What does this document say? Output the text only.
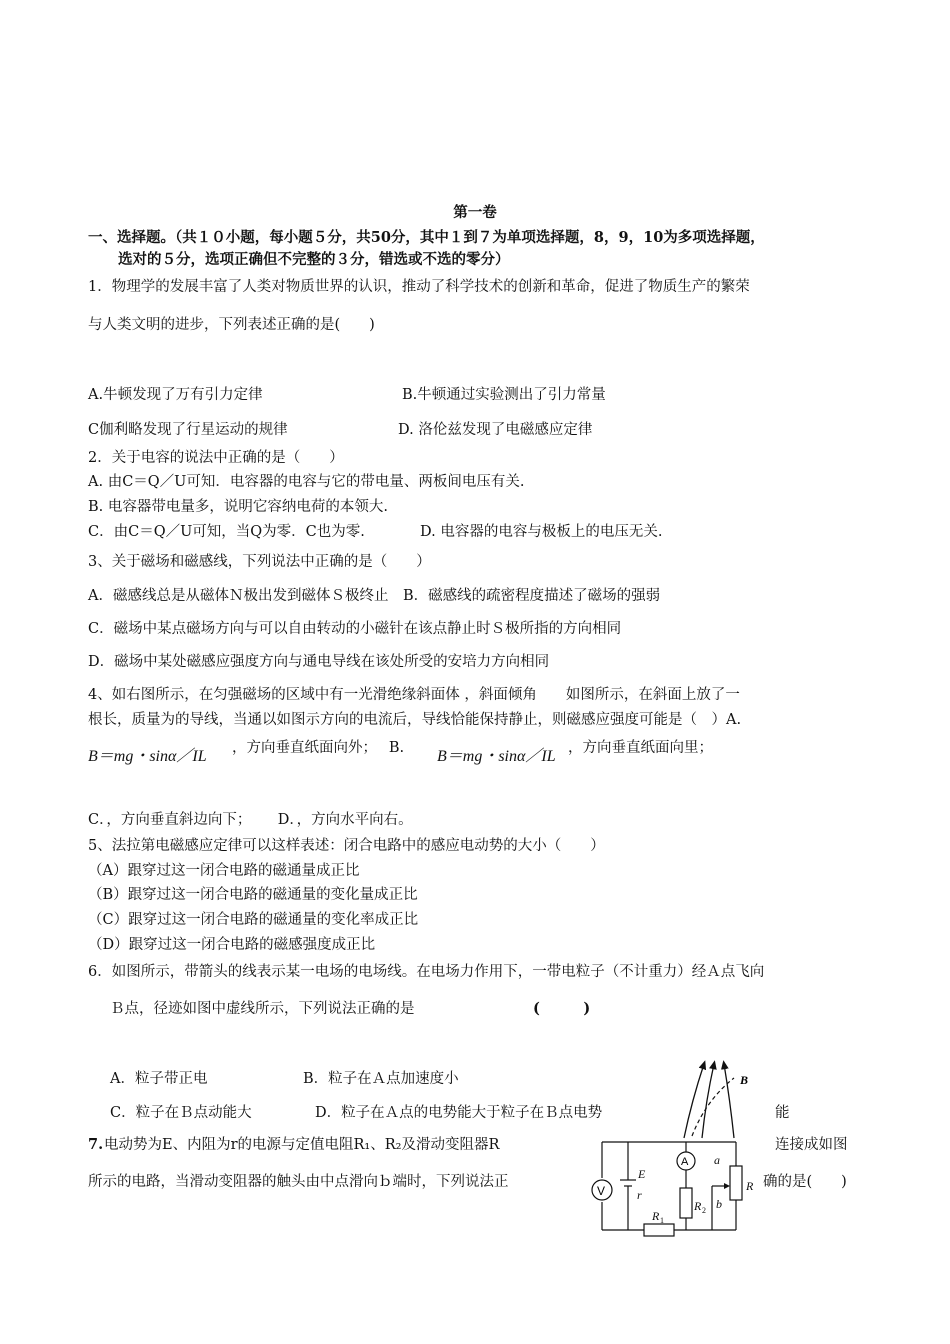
第一卷
一、选择题。（共１０小题，每小题５分，共50分，其中１到７为单项选择题，8，9，10为多项选择题，
选对的５分，选项正确但不完整的３分，错选或不选的零分）
1．物理学的发展丰富了人类对物质世界的认识，推动了科学技术的创新和革命，促进了物质生产的繁荣
与人类文明的进步，下列表述正确的是(　　)
A.牛顿发现了万有引力定律	B.牛顿通过实验测出了引力常量
C伽利略发现了行星运动的规律	D. 洛伦兹发现了电磁感应定律
2．关于电容的说法中正确的是（　　）
A. 由C＝Q／U可知．电容器的电容与它的带电量、两板间电压有关.
B. 电容器带电量多，说明它容纳电荷的本领大.
C．由C＝Q／U可知，当Q为零．C也为零.	D. 电容器的电容与极板上的电压无关.
3、关于磁场和磁感线，下列说法中正确的是（　　）
A．磁感线总是从磁体Ｎ极出发到磁体Ｓ极终止　B．磁感线的疏密程度描述了磁场的强弱
C．磁场中某点磁场方向与可以自由转动的小磁针在该点静止时Ｓ极所指的方向相同
D．磁场中某处磁感应强度方向与通电导线在该处所受的安培力方向相同
4、如右图所示，在匀强磁场的区域中有一光滑绝缘斜面体 ，斜面倾角　　如图所示，在斜面上放了一
根长，质量为的导线，当通以如图示方向的电流后，导线恰能保持静止，则磁感应强度可能是（　）A.
B＝mg・sinα／IL ，方向垂直纸面向外；　 B. B＝mg・sinα／IL ，方向垂直纸面向里；
C．，方向垂直斜边向下；　　 D．，方向水平向右。
5、法拉第电磁感应定律可以这样表述：闭合电路中的感应电动势的大小（　　）
（A）跟穿过这一闭合电路的磁通量成正比
（B）跟穿过这一闭合电路的磁通量的变化量成正比
（C）跟穿过这一闭合电路的磁通量的变化率成正比
（D）跟穿过这一闭合电路的磁感强度成正比
6．如图所示，带箭头的线表示某一电场的电场线。在电场力作用下，一带电粒子（不计重力）经Ａ点飞向
Ｂ点，径迹如图中虚线所示，下列说法正确的是	(　　　)
A．粒子带正电	B．粒子在Ａ点加速度小
C．粒子在Ｂ点动能大	D．粒子在Ａ点的电势能大于粒子在Ｂ点电势	能
B
7. 电动势为E、内阻为r的电源与定值电阻R₁、R₂及滑动变阻器R	连接成如图
所示的电路，当滑动变阻器的触头由中点滑向ｂ端时，下列说法正	确的是(　　)
V
A
E
r
R 1
R 2
R
a
b
